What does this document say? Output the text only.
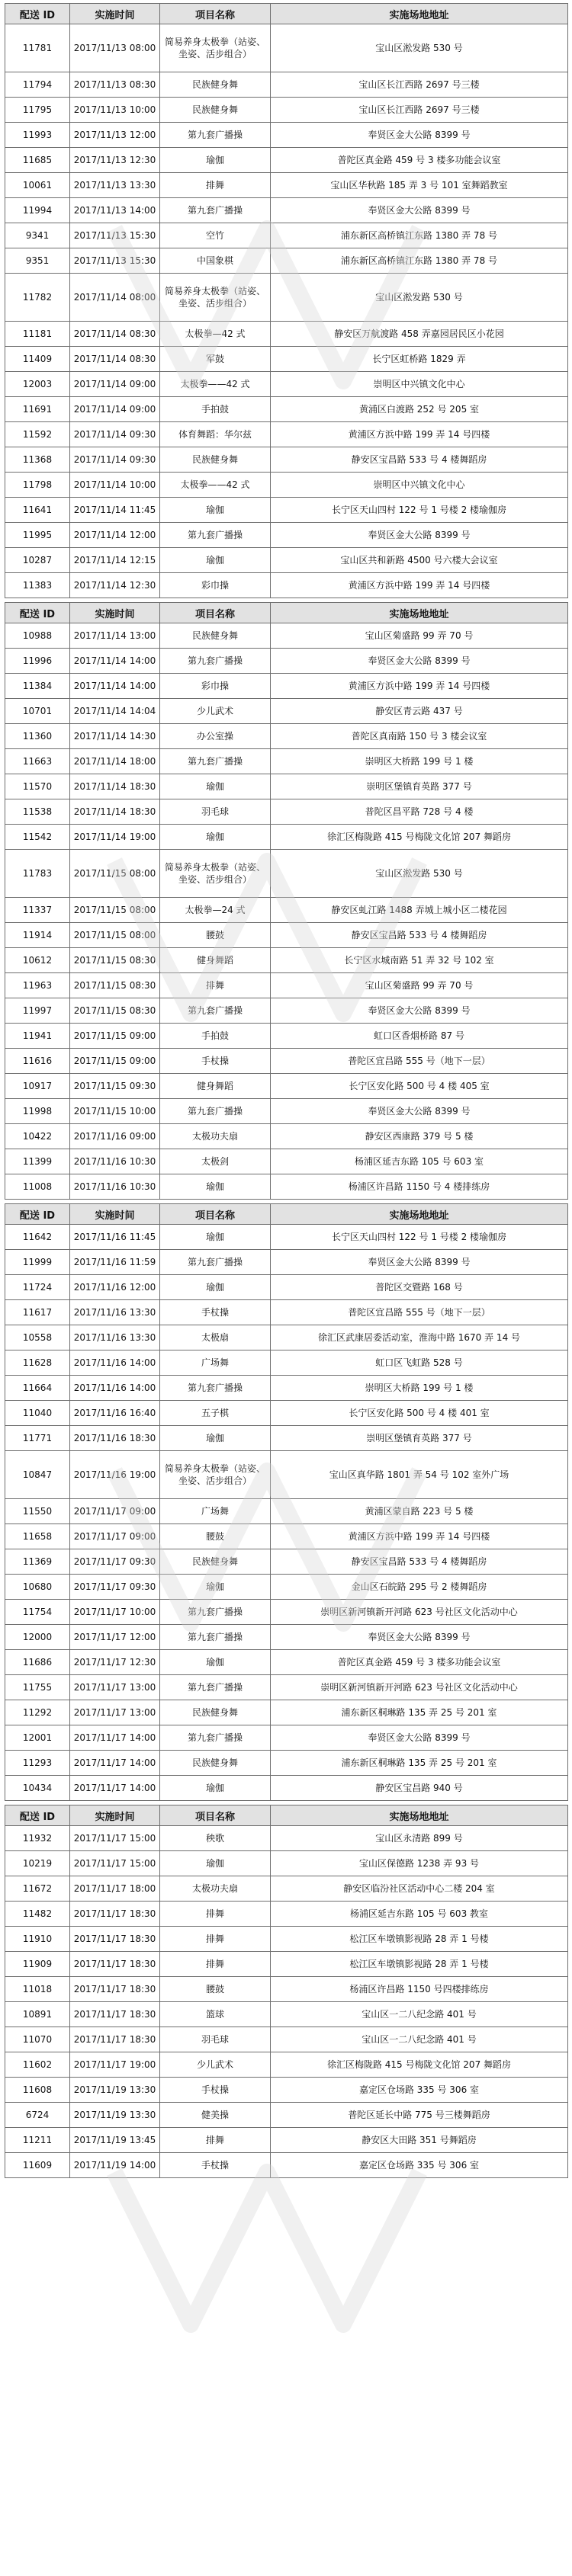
配送 ID	实施时间	项目名称	实施场地地址
11781	2017/11/13 08:00	简易养身太极拳（站姿、坐姿、活步组合）	宝山区淞发路 530 号
11794	2017/11/13 08:30	民族健身舞	宝山区长江西路 2697 号三楼
11795	2017/11/13 10:00	民族健身舞	宝山区长江西路 2697 号三楼
11993	2017/11/13 12:00	第九套广播操	奉贤区金大公路 8399 号
11685	2017/11/13 12:30	瑜伽	普陀区真金路 459 号 3 楼多功能会议室
10061	2017/11/13 13:30	排舞	宝山区华秋路 185 弄 3 号 101 室舞蹈教室
11994	2017/11/13 14:00	第九套广播操	奉贤区金大公路 8399 号
9341	2017/11/13 15:30	空竹	浦东新区高桥镇江东路 1380 弄 78 号
9351	2017/11/13 15:30	中国象棋	浦东新区高桥镇江东路 1380 弄 78 号
11782	2017/11/14 08:00	简易养身太极拳（站姿、坐姿、活步组合）	宝山区淞发路 530 号
11181	2017/11/14 08:30	太极拳—42 式	静安区万航渡路 458 弄嘉园居民区小花园
11409	2017/11/14 08:30	军鼓	长宁区虹桥路 1829 弄
12003	2017/11/14 09:00	太极拳——42 式	崇明区中兴镇文化中心
11691	2017/11/14 09:00	手拍鼓	黄浦区白渡路 252 号 205 室
11592	2017/11/14 09:30	体育舞蹈：华尔兹	黄浦区方浜中路 199 弄 14 号四楼
11368	2017/11/14 09:30	民族健身舞	静安区宝昌路 533 号 4 楼舞蹈房
11798	2017/11/14 10:00	太极拳——42 式	崇明区中兴镇文化中心
11641	2017/11/14 11:45	瑜伽	长宁区天山四村 122 号 1 号楼 2 楼瑜伽房
11995	2017/11/14 12:00	第九套广播操	奉贤区金大公路 8399 号
10287	2017/11/14 12:15	瑜伽	宝山区共和新路 4500 号六楼大会议室
11383	2017/11/14 12:30	彩巾操	黄浦区方浜中路 199 弄 14 号四楼
配送 ID	实施时间	项目名称	实施场地地址
10988	2017/11/14 13:00	民族健身舞	宝山区菊盛路 99 弄 70 号
11996	2017/11/14 14:00	第九套广播操	奉贤区金大公路 8399 号
11384	2017/11/14 14:00	彩巾操	黄浦区方浜中路 199 弄 14 号四楼
10701	2017/11/14 14:04	少儿武术	静安区青云路 437 号
11360	2017/11/14 14:30	办公室操	普陀区真南路 150 号 3 楼会议室
11663	2017/11/14 18:00	第九套广播操	崇明区大桥路 199 号 1 楼
11570	2017/11/14 18:30	瑜伽	崇明区堡镇育英路 377 号
11538	2017/11/14 18:30	羽毛球	普陀区昌平路 728 号 4 楼
11542	2017/11/14 19:00	瑜伽	徐汇区梅陇路 415 号梅陇文化馆 207 舞蹈房
11783	2017/11/15 08:00	简易养身太极拳（站姿、坐姿、活步组合）	宝山区淞发路 530 号
11337	2017/11/15 08:00	太极拳—24 式	静安区虬江路 1488 弄城上城小区二楼花园
11914	2017/11/15 08:00	腰鼓	静安区宝昌路 533 号 4 楼舞蹈房
10612	2017/11/15 08:30	健身舞蹈	长宁区水城南路 51 弄 32 号 102 室
11963	2017/11/15 08:30	排舞	宝山区菊盛路 99 弄 70 号
11997	2017/11/15 08:30	第九套广播操	奉贤区金大公路 8399 号
11941	2017/11/15 09:00	手拍鼓	虹口区香烟桥路 87 号
11616	2017/11/15 09:00	手杖操	普陀区宜昌路 555 号（地下一层）
10917	2017/11/15 09:30	健身舞蹈	长宁区安化路 500 号 4 楼 405 室
11998	2017/11/15 10:00	第九套广播操	奉贤区金大公路 8399 号
10422	2017/11/16 09:00	太极功夫扇	静安区西康路 379 号 5 楼
11399	2017/11/16 10:30	太极剑	杨浦区延吉东路 105 号 603 室
11008	2017/11/16 10:30	瑜伽	杨浦区许昌路 1150 号 4 楼排练房
配送 ID	实施时间	项目名称	实施场地地址
11642	2017/11/16 11:45	瑜伽	长宁区天山四村 122 号 1 号楼 2 楼瑜伽房
11999	2017/11/16 11:59	第九套广播操	奉贤区金大公路 8399 号
11724	2017/11/16 12:00	瑜伽	普陀区交暨路 168 号
11617	2017/11/16 13:30	手杖操	普陀区宜昌路 555 号（地下一层）
10558	2017/11/16 13:30	太极扇	徐汇区武康居委活动室，淮海中路 1670 弄 14 号
11628	2017/11/16 14:00	广场舞	虹口区飞虹路 528 号
11664	2017/11/16 14:00	第九套广播操	崇明区大桥路 199 号 1 楼
11040	2017/11/16 16:40	五子棋	长宁区安化路 500 号 4 楼 401 室
11771	2017/11/16 18:30	瑜伽	崇明区堡镇育英路 377 号
10847	2017/11/16 19:00	简易养身太极拳（站姿、坐姿、活步组合）	宝山区真华路 1801 弄 54 号 102 室外广场
11550	2017/11/17 09:00	广场舞	黄浦区蒙自路 223 号 5 楼
11658	2017/11/17 09:00	腰鼓	黄浦区方浜中路 199 弄 14 号四楼
11369	2017/11/17 09:30	民族健身舞	静安区宝昌路 533 号 4 楼舞蹈房
10680	2017/11/17 09:30	瑜伽	金山区石皖路 295 号 2 楼舞蹈房
11754	2017/11/17 10:00	第九套广播操	崇明区新河镇新开河路 623 号社区文化活动中心
12000	2017/11/17 12:00	第九套广播操	奉贤区金大公路 8399 号
11686	2017/11/17 12:30	瑜伽	普陀区真金路 459 号 3 楼多功能会议室
11755	2017/11/17 13:00	第九套广播操	崇明区新河镇新开河路 623 号社区文化活动中心
11292	2017/11/17 13:00	民族健身舞	浦东新区桐琳路 135 弄 25 号 201 室
12001	2017/11/17 14:00	第九套广播操	奉贤区金大公路 8399 号
11293	2017/11/17 14:00	民族健身舞	浦东新区桐琳路 135 弄 25 号 201 室
10434	2017/11/17 14:00	瑜伽	静安区宝昌路 940 号
配送 ID	实施时间	项目名称	实施场地地址
11932	2017/11/17 15:00	秧歌	宝山区永清路 899 号
10219	2017/11/17 15:00	瑜伽	宝山区保德路 1238 弄 93 号
11672	2017/11/17 18:00	太极功夫扇	静安区临汾社区活动中心二楼 204 室
11482	2017/11/17 18:30	排舞	杨浦区延吉东路 105 号 603 教室
11910	2017/11/17 18:30	排舞	松江区车墩镇影视路 28 弄 1 号楼
11909	2017/11/17 18:30	排舞	松江区车墩镇影视路 28 弄 1 号楼
11018	2017/11/17 18:30	腰鼓	杨浦区许昌路 1150 号四楼排练房
10891	2017/11/17 18:30	篮球	宝山区一二八纪念路 401 号
11070	2017/11/17 18:30	羽毛球	宝山区一二八纪念路 401 号
11602	2017/11/17 19:00	少儿武术	徐汇区梅陇路 415 号梅陇文化馆 207 舞蹈房
11608	2017/11/19 13:30	手杖操	嘉定区仓场路 335 号 306 室
6724	2017/11/19 13:30	健美操	普陀区延长中路 775 号三楼舞蹈房
11211	2017/11/19 13:45	排舞	静安区大田路 351 号舞蹈房
11609	2017/11/19 14:00	手杖操	嘉定区仓场路 335 号 306 室
